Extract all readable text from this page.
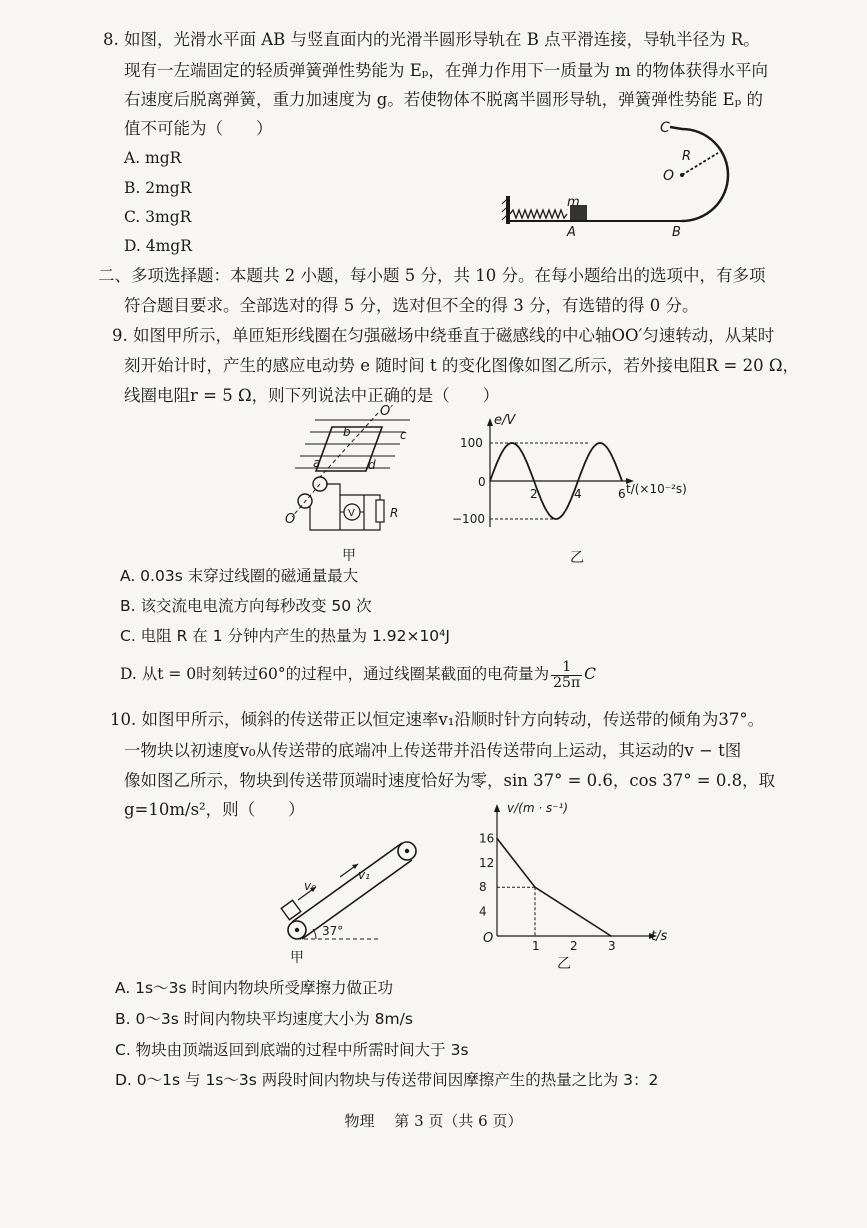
8. 如图，光滑水平面 AB 与竖直面内的光滑半圆形导轨在 B 点平滑连接，导轨半径为 R。
现有一左端固定的轻质弹簧弹性势能为 Eₚ，在弹力作用下一质量为 m 的物体获得水平向
右速度后脱离弹簧，重力加速度为 g。若使物体不脱离半圆形导轨，弹簧弹性势能 Eₚ 的
值不可能为（　　）
A. mgR
B. 2mgR
C. 3mgR
D. 4mgR
C
R
O
m
A	B
二、多项选择题：本题共 2 小题，每小题 5 分，共 10 分。在每小题给出的选项中，有多项
符合题目要求。全部选对的得 5 分，选对但不全的得 3 分，有选错的得 0 分。
9. 如图甲所示，单匝矩形线圈在匀强磁场中绕垂直于磁感线的中心轴OO′匀速转动，从某时
刻开始计时，产生的感应电动势 e 随时间 t 的变化图像如图乙所示，若外接电阻R = 20 Ω，
线圈电阻r = 5 Ω，则下列说法中正确的是（　　）
O′
b	c
a	d
V	R
O
甲
100
−100
2	4	6
e/V
t/(×10⁻²s)
0
乙
A. 0.03s 末穿过线圈的磁通量最大
B. 该交流电电流方向每秒改变 50 次
C. 电阻 R 在 1 分钟内产生的热量为 1.92×10⁴J
D. 从t = 0时刻转过60°的过程中，通过线圈某截面的电荷量为 $\frac{1}{25\pi}$ C
10. 如图甲所示，倾斜的传送带正以恒定速率v₁沿顺时针方向转动，传送带的倾角为37°。
一物块以初速度v₀从传送带的底端冲上传送带并沿传送带向上运动，其运动的v − t图
像如图乙所示，物块到传送带顶端时速度恰好为零，sin 37° = 0.6，cos 37° = 0.8，取
g=10m/s²，则（　　）
v₀
v₁
37°
甲
4
8
12
16
1	2	3
v/(m · s⁻¹)
t/s
O
乙
A. 1s～3s 时间内物块所受摩擦力做正功
B. 0～3s 时间内物块平均速度大小为 8m/s
C. 物块由顶端返回到底端的过程中所需时间大于 3s
D. 0～1s 与 1s～3s 两段时间内物块与传送带间因摩擦产生的热量之比为 3：2
物理　 第 3 页（共 6 页）
